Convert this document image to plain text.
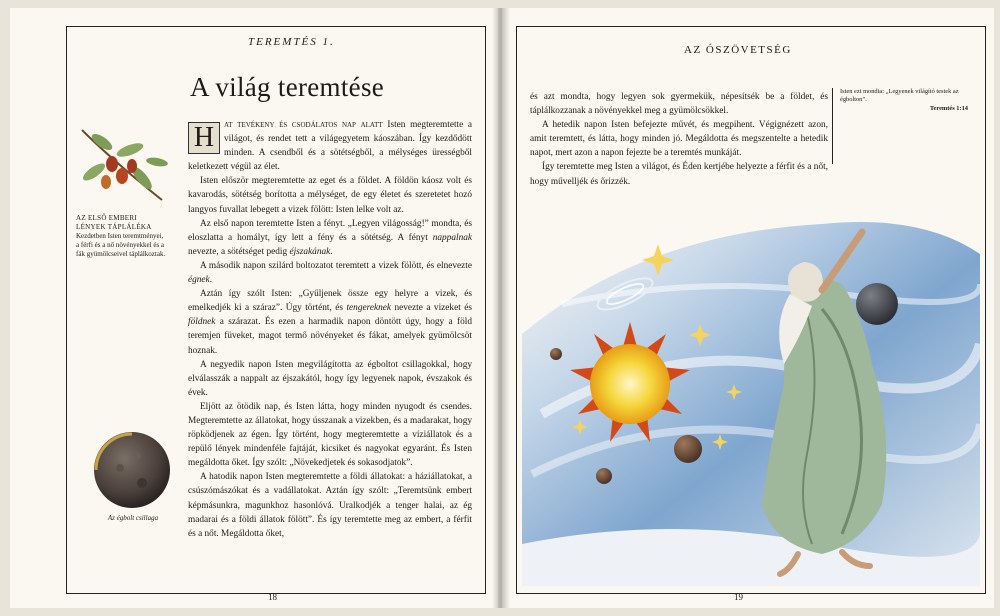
TEREMTÉS 1.
A világ teremtése
AZ ELSŐ EMBERI LÉNYEK TÁPLÁLÉKA
Kezdetben Isten teremtményei, a férfi és a nő növényekkel és a fák gyümölcseivel táplálkoztak.
Az égbolt csillaga

H	at tevékeny és csodálatos nap alatt Isten megteremtette a világot, és rendet tett a világegyetem káoszában. Így kezdődött minden. A csendből és a sötétségből, a mélységes ürességből keletkezett végül az élet.

Isten először megteremtette az eget és a földet. A földön káosz volt és kavarodás, sötétség borította a mélységet, de egy életet és szeretetet hozó langyos fuvallat lebegett a vizek fölött: Isten lelke volt az.

Az első napon teremtette Isten a fényt. „Legyen világosság!” mondta, és eloszlatta a homályt, így lett a fény és a sötétség. A fényt nappalnak nevezte, a sötétséget pedig éjszakának.

A második napon szilárd boltozatot teremtett a vizek fölött, és elnevezte égnek.

Aztán így szólt Isten: „Gyűljenek össze egy helyre a vizek, és emelkedjék ki a száraz”. Úgy történt, és tengereknek nevezte a vizeket és földnek a szárazat. És ezen a harmadik napon döntött úgy, hogy a föld teremjen füveket, magot termő növényeket és fákat, amelyek gyümölcsöt hoznak.

A negyedik napon Isten megvilágította az égboltot csillagokkal, hogy elválasszák a nappalt az éjszakától, hogy így legyenek napok, évszakok és évek.

Eljött az ötödik nap, és Isten látta, hogy minden nyugodt és csendes. Megteremtette az állatokat, hogy ússzanak a vizekben, és a madarakat, hogy röpködjenek az égen. Így történt, hogy megteremtette a víziállatok és a repülő lények mindenféle fajtáját, kicsiket és nagyokat egyaránt. És Isten megáldotta őket. Így szólt: „Növekedjetek és sokasodjatok”.

A hatodik napon Isten megteremtette a földi állatokat: a háziállatokat, a csúszómászókat és a vadállatokat. Aztán így szólt: „Teremtsünk embert képmásunkra, magunkhoz hasonlóvá. Uralkodjék a tenger halai, az ég madarai és a földi állatok fölött”. És így teremtette meg az embert, a férfit és a nőt. Megáldotta őket,

18
AZ ÓSZÖVETSÉG

és azt mondta, hogy legyen sok gyermekük, népesítsék be a földet, és táplálkozzanak a növényekkel meg a gyümölcsökkel.

A hetedik napon Isten befejezte művét, és megpihent. Végignézett azon, amit teremtett, és látta, hogy minden jó. Megáldotta és megszentelte a hetedik napot, mert azon a napon fejezte be a teremtés munkáját.

Így teremtette meg Isten a világot, és Éden kertjébe helyezte a férfit és a nőt, hogy művelljék és őrizzék.

Isten ezt mondta: „Legyenek világító testek az égbolton”.
Teremtés 1:14
19
